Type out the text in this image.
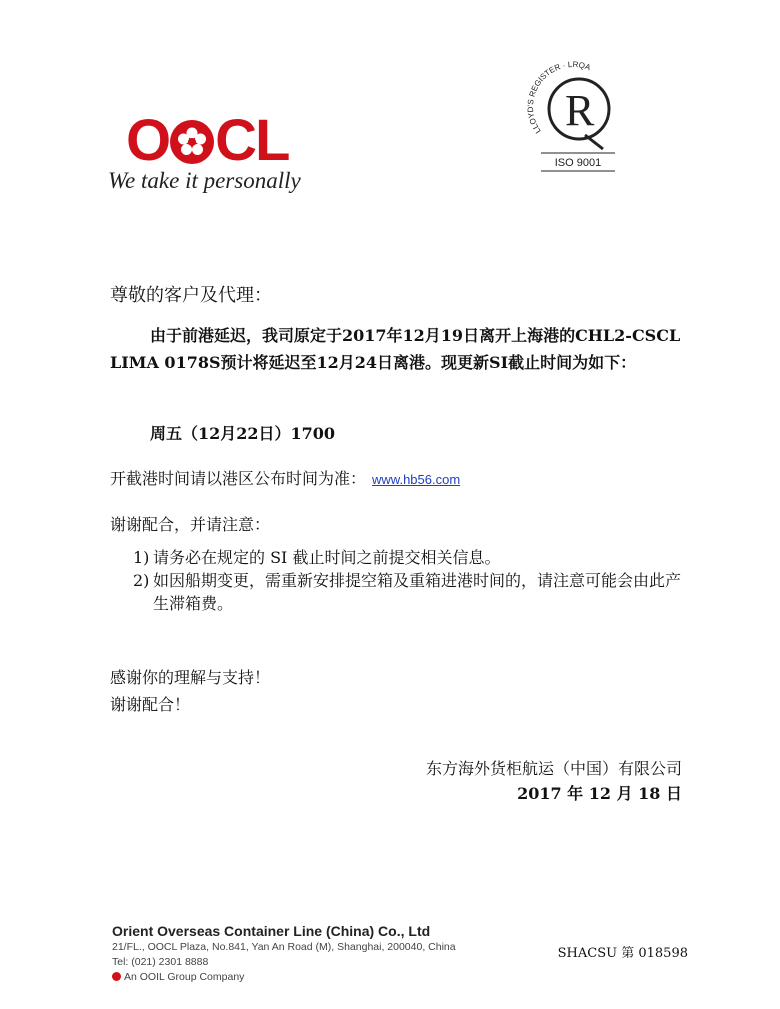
O CL
We take it personally
LLOYD'S REGISTER · LRQA
R
ISO 9001
尊敬的客户及代理：
由于前港延迟，我司原定于2017年12月19日离开上海港的CHL2-CSCL LIMA 0178S预计将延迟至12月24日离港。现更新SI截止时间为如下：
周五（12月22日）1700
开截港时间请以港区公布时间为准： www.hb56.com
谢谢配合，并请注意：
1) 请务必在规定的 SI 截止时间之前提交相关信息。
2) 如因船期变更，需重新安排提空箱及重箱进港时间的，请注意可能会由此产生滞箱费。
感谢你的理解与支持！
谢谢配合！
东方海外货柜航运（中国）有限公司
2017 年 12 月 18 日
Orient Overseas Container Line (China) Co., Ltd
21/FL., OOCL Plaza, No.841, Yan An Road (M), Shanghai, 200040, China
Tel: (021) 2301 8888
An OOIL Group Company
SHACSU 第 018598
